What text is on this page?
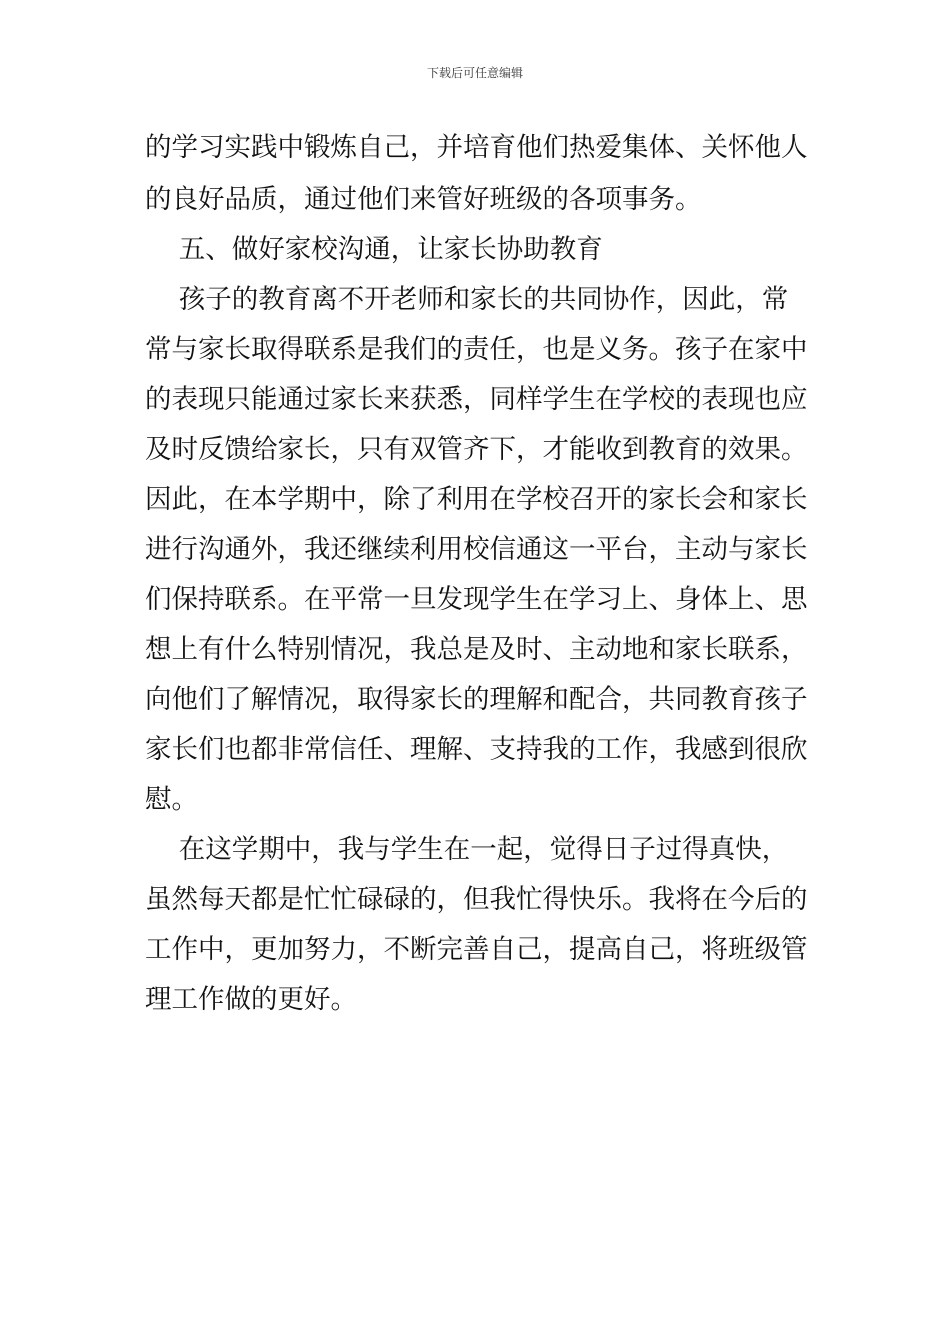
下载后可任意编辑
的学习实践中锻炼自己，并培育他们热爱集体、关怀他人
的良好品质，通过他们来管好班级的各项事务。
五、做好家校沟通，让家长协助教育
孩子的教育离不开老师和家长的共同协作，因此，常
常与家长取得联系是我们的责任，也是义务。孩子在家中
的表现只能通过家长来获悉，同样学生在学校的表现也应
及时反馈给家长，只有双管齐下，才能收到教育的效果。
因此，在本学期中，除了利用在学校召开的家长会和家长
进行沟通外，我还继续利用校信通这一平台，主动与家长
们保持联系。在平常一旦发现学生在学习上、身体上、思
想上有什么特别情况，我总是及时、主动地和家长联系，
向他们了解情况，取得家长的理解和配合，共同教育孩子
家长们也都非常信任、理解、支持我的工作，我感到很欣
慰。
在这学期中，我与学生在一起，觉得日子过得真快，
虽然每天都是忙忙碌碌的，但我忙得快乐。我将在今后的
工作中，更加努力，不断完善自己，提高自己，将班级管
理工作做的更好。
